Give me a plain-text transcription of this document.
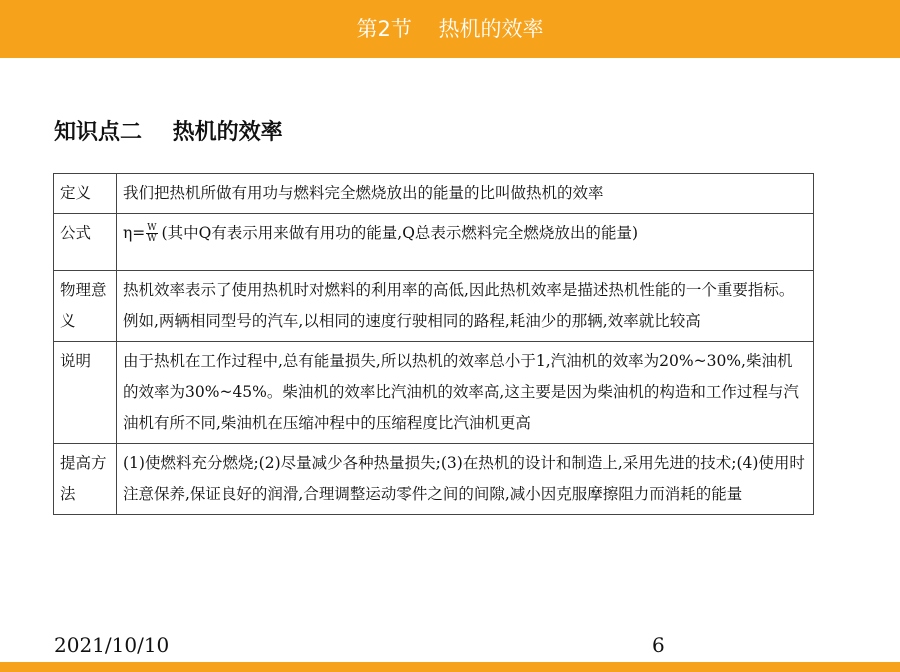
第2节    热机的效率
知识点二    热机的效率
定义	我们把热机所做有用功与燃料完全燃烧放出的能量的比叫做热机的效率
公式	$\eta= \frac{W}{W}$ (其中Q有表示用来做有用功的能量,Q总表示燃料完全燃烧放出的能量)

物理意义	热机效率表示了使用热机时对燃料的利用率的高低,因此热机效率是描述热机性能的一个重要指标。例如,两辆相同型号的汽车,以相同的速度行驶相同的路程,耗油少的那辆,效率就比较高
说明	由于热机在工作过程中,总有能量损失,所以热机的效率总小于1,汽油机的效率为20%~30%,柴油机的效率为30%~45%。柴油机的效率比汽油机的效率高,这主要是因为柴油机的构造和工作过程与汽油机有所不同,柴油机在压缩冲程中的压缩程度比汽油机更高
提高方法	(1)使燃料充分燃烧;(2)尽量减少各种热量损失;(3)在热机的设计和制造上,采用先进的技术;(4)使用时注意保养,保证良好的润滑,合理调整运动零件之间的间隙,减小因克服摩擦阻力而消耗的能量
2021/10/10	6
